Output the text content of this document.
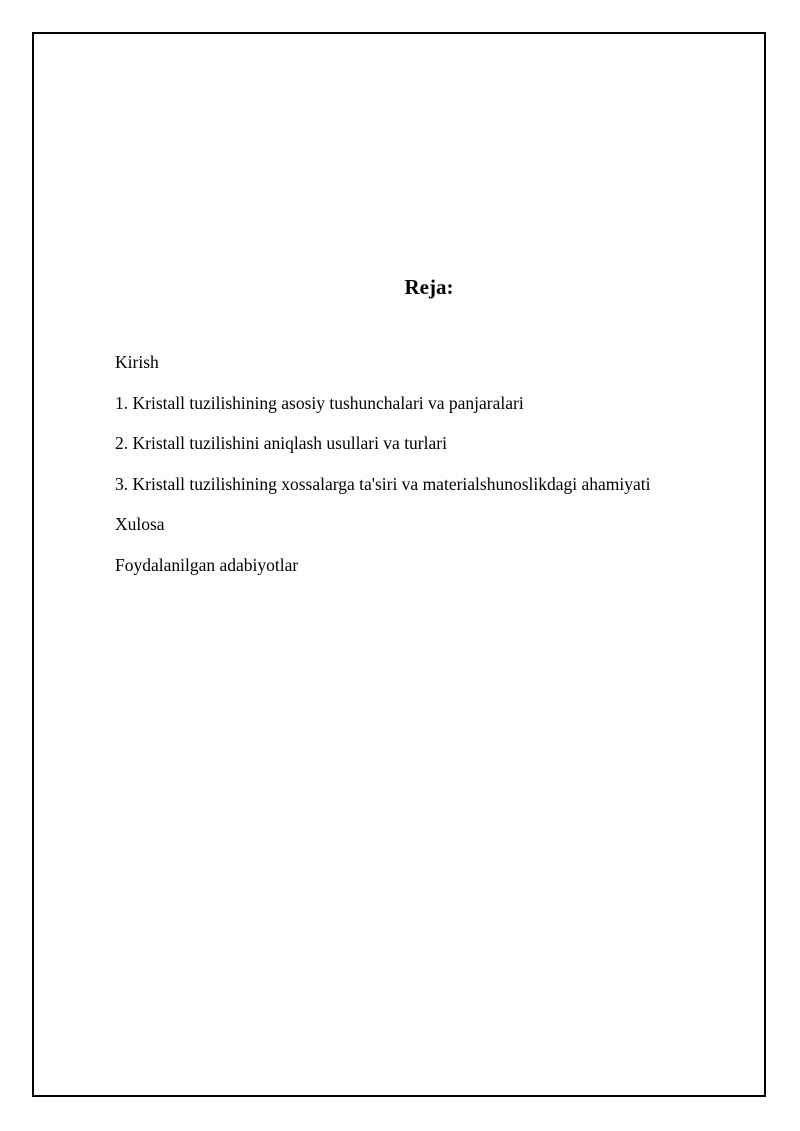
Reja:
Kirish
1. Kristall tuzilishining asosiy tushunchalari va panjaralari
2. Kristall tuzilishini aniqlash usullari va turlari
3. Kristall tuzilishining xossalarga ta'siri va materialshunoslikdagi ahamiyati
Xulosa
Foydalanilgan adabiyotlar
